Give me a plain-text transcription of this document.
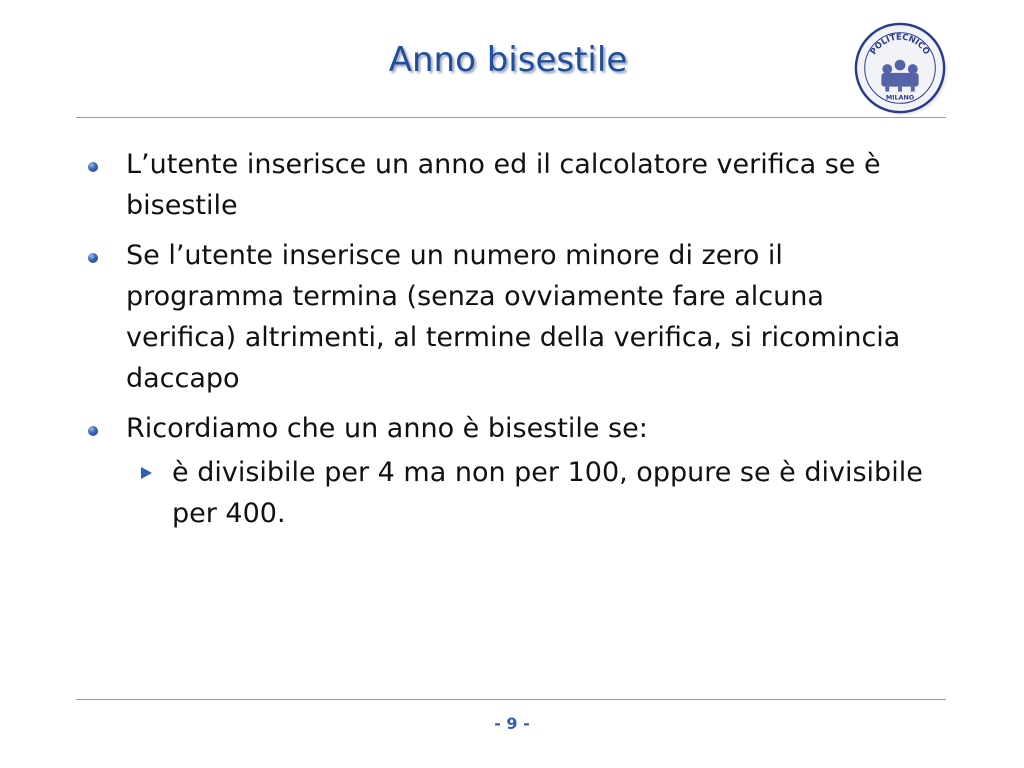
Anno bisestile	POLITECNICO
MILANO
L’utente inserisce un anno ed il calcolatore verifica se è bisestile
Se l’utente inserisce un numero minore di zero il programma termina (senza ovviamente fare alcuna verifica) altrimenti, al termine della verifica, si ricomincia daccapo
Ricordiamo che un anno è bisestile se:
è divisibile per 4 ma non per 100, oppure se è divisibile per 400.
- 9 -
